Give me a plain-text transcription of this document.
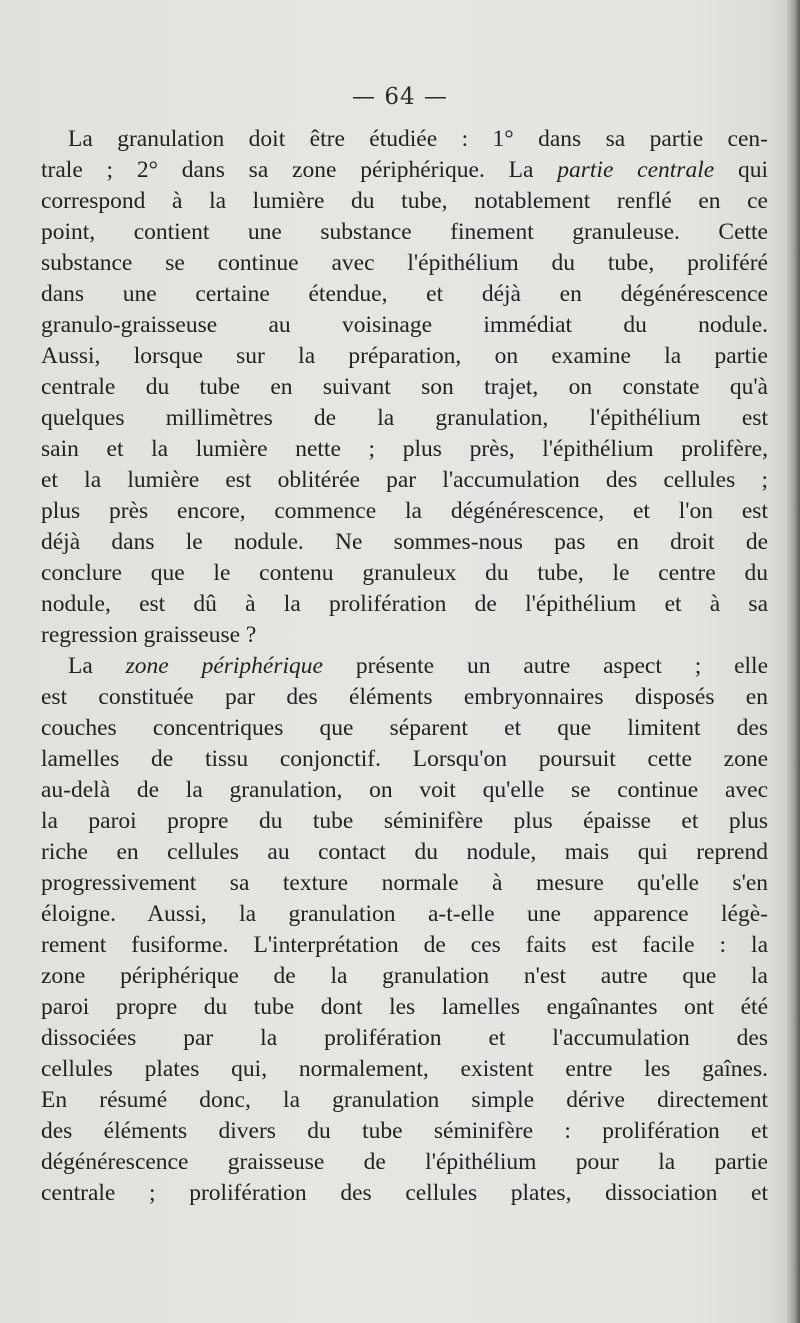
— 64 —
La granulation doit être étudiée : 1° dans sa partie cen-
trale ; 2° dans sa zone périphérique. La partie centrale qui
correspond à la lumière du tube, notablement renflé en ce
point, contient une substance finement granuleuse. Cette
substance se continue avec l'épithélium du tube, proliféré
dans une certaine étendue, et déjà en dégénérescence
granulo-graisseuse au voisinage immédiat du nodule.
Aussi, lorsque sur la préparation, on examine la partie
centrale du tube en suivant son trajet, on constate qu'à
quelques millimètres de la granulation, l'épithélium est
sain et la lumière nette ; plus près, l'épithélium prolifère,
et la lumière est oblitérée par l'accumulation des cellules ;
plus près encore, commence la dégénérescence, et l'on est
déjà dans le nodule. Ne sommes-nous pas en droit de
conclure que le contenu granuleux du tube, le centre du
nodule, est dû à la prolifération de l'épithélium et à sa
regression graisseuse ?
La zone périphérique présente un autre aspect ; elle
est constituée par des éléments embryonnaires disposés en
couches concentriques que séparent et que limitent des
lamelles de tissu conjonctif. Lorsqu'on poursuit cette zone
au-delà de la granulation, on voit qu'elle se continue avec
la paroi propre du tube séminifère plus épaisse et plus
riche en cellules au contact du nodule, mais qui reprend
progressivement sa texture normale à mesure qu'elle s'en
éloigne. Aussi, la granulation a-t-elle une apparence légè-
rement fusiforme. L'interprétation de ces faits est facile : la
zone périphérique de la granulation n'est autre que la
paroi propre du tube dont les lamelles engaînantes ont été
dissociées par la prolifération et l'accumulation des
cellules plates qui, normalement, existent entre les gaînes.
En résumé donc, la granulation simple dérive directement
des éléments divers du tube séminifère : prolifération et
dégénérescence graisseuse de l'épithélium pour la partie
centrale ; prolifération des cellules plates, dissociation et
